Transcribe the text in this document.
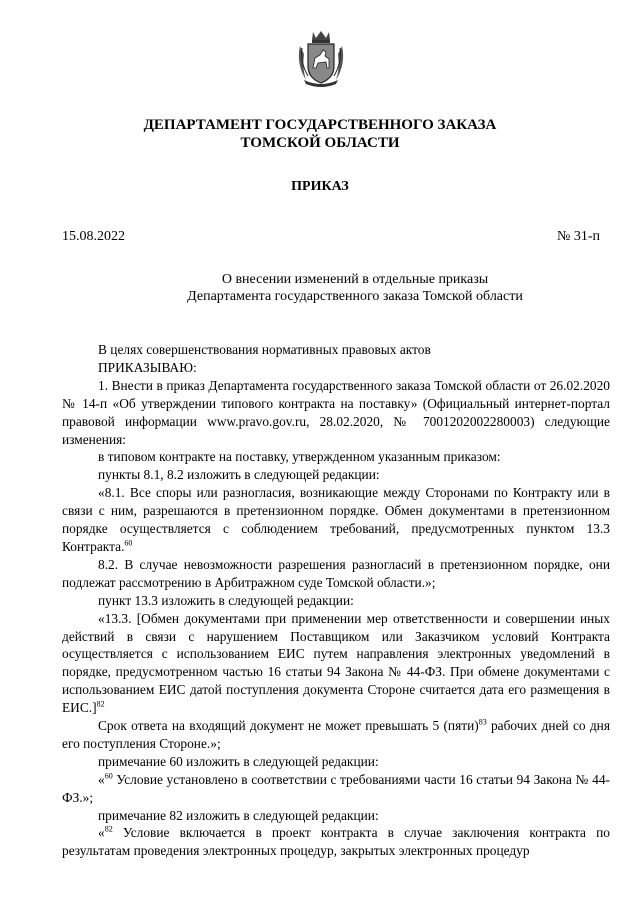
ДЕПАРТАМЕНТ ГОСУДАРСТВЕННОГО ЗАКАЗА
ТОМСКОЙ ОБЛАСТИ
ПРИКАЗ
15.08.2022	№ 31-п
О внесении изменений в отдельные приказы
Департамента государственного заказа Томской области

В целях совершенствования нормативных правовых актов

ПРИКАЗЫВАЮ:

1. Внести в приказ Департамента государственного заказа Томской области от 26.02.2020 № 14-п «Об утверждении типового контракта на поставку» (Официальный интернет-портал правовой информации www.pravo.gov.ru, 28.02.2020, № 7001202002280003) следующие изменения:

в типовом контракте на поставку, утвержденном указанным приказом:

пункты 8.1, 8.2 изложить в следующей редакции:

«8.1. Все споры или разногласия, возникающие между Сторонами по Контракту или в связи с ним, разрешаются в претензионном порядке. Обмен документами в претензионном порядке осуществляется с соблюдением требований, предусмотренных пунктом 13.3 Контракта.$^{60}$

8.2. В случае невозможности разрешения разногласий в претензионном порядке, они подлежат рассмотрению в Арбитражном суде Томской области.»;

пункт 13.3 изложить в следующей редакции:

«13.3. [Обмен документами при применении мер ответственности и совершении иных действий в связи с нарушением Поставщиком или Заказчиком условий Контракта осуществляется с использованием ЕИС путем направления электронных уведомлений в порядке, предусмотренном частью 16 статьи 94 Закона № 44-ФЗ. При обмене документами с использованием ЕИС датой поступления документа Стороне считается дата его размещения в ЕИС.]$^{82}$

Срок ответа на входящий документ не может превышать 5 (пяти)$^{83}$ рабочих дней со дня его поступления Стороне.»;

примечание 60 изложить в следующей редакции:

«$^{60}$ Условие установлено в соответствии с требованиями части 16 статьи 94 Закона № 44-ФЗ.»;

примечание 82 изложить в следующей редакции:

«$^{82}$ Условие включается в проект контракта в случае заключения контракта по результатам проведения электронных процедур, закрытых электронных процедур
